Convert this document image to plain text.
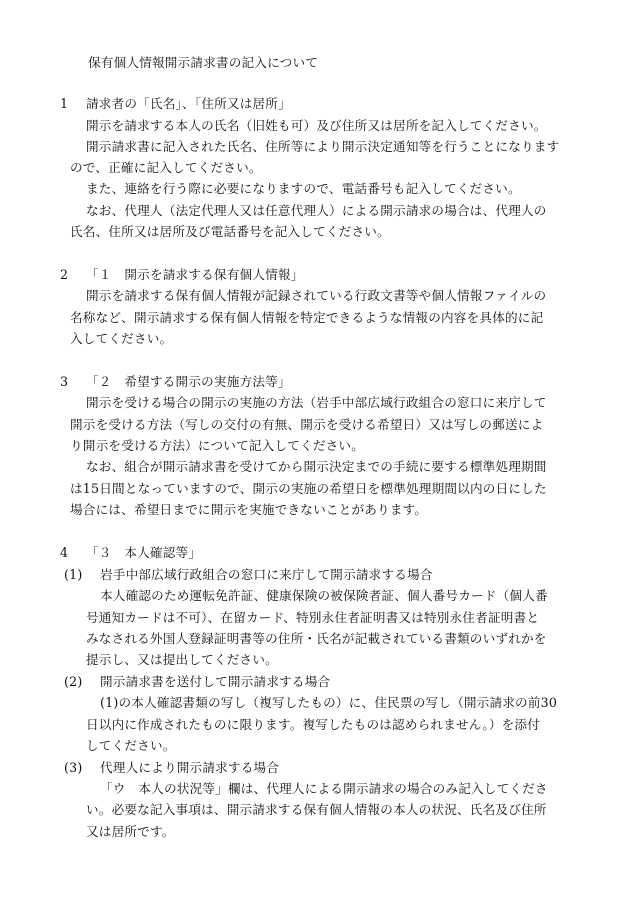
保有個人情報開示請求書の記入について
1 請求者の「氏名」、「住所又は居所」
開示を請求する本人の氏名（旧姓も可）及び住所又は居所を記入してください。
開示請求書に記入された氏名、住所等により開示決定通知等を行うことになります
ので、正確に記入してください。
また、連絡を行う際に必要になりますので、電話番号も記入してください。
なお、代理人（法定代理人又は任意代理人）による開示請求の場合は、代理人の
氏名、住所又は居所及び電話番号を記入してください。
2 「１　開示を請求する保有個人情報」
開示を請求する保有個人情報が記録されている行政文書等や個人情報ファイルの
名称など、開示請求する保有個人情報を特定できるような情報の内容を具体的に記
入してください。
3 「２　希望する開示の実施方法等」
開示を受ける場合の開示の実施の方法（岩手中部広域行政組合の窓口に来庁して
開示を受ける方法（写しの交付の有無、開示を受ける希望日）又は写しの郵送によ
り開示を受ける方法）について記入してください。
なお、組合が開示請求書を受けてから開示決定までの手続に要する標準処理期間
は15日間となっていますので、開示の実施の希望日を標準処理期間以内の日にした
場合には、希望日までに開示を実施できないことがあります。
4 「３　本人確認等」
(1) 岩手中部広域行政組合の窓口に来庁して開示請求する場合
本人確認のため運転免許証、健康保険の被保険者証、個人番号カード（個人番
号通知カードは不可）、在留カード、特別永住者証明書又は特別永住者証明書と
みなされる外国人登録証明書等の住所・氏名が記載されている書類のいずれかを
提示し、又は提出してください。
(2) 開示請求書を送付して開示請求する場合
(1)の本人確認書類の写し（複写したもの）に、住民票の写し（開示請求の前30
日以内に作成されたものに限ります。複写したものは認められません。）を添付
してください。
(3) 代理人により開示請求する場合
「ウ　本人の状況等」欄は、代理人による開示請求の場合のみ記入してくださ
い。必要な記入事項は、開示請求する保有個人情報の本人の状況、氏名及び住所
又は居所です。
